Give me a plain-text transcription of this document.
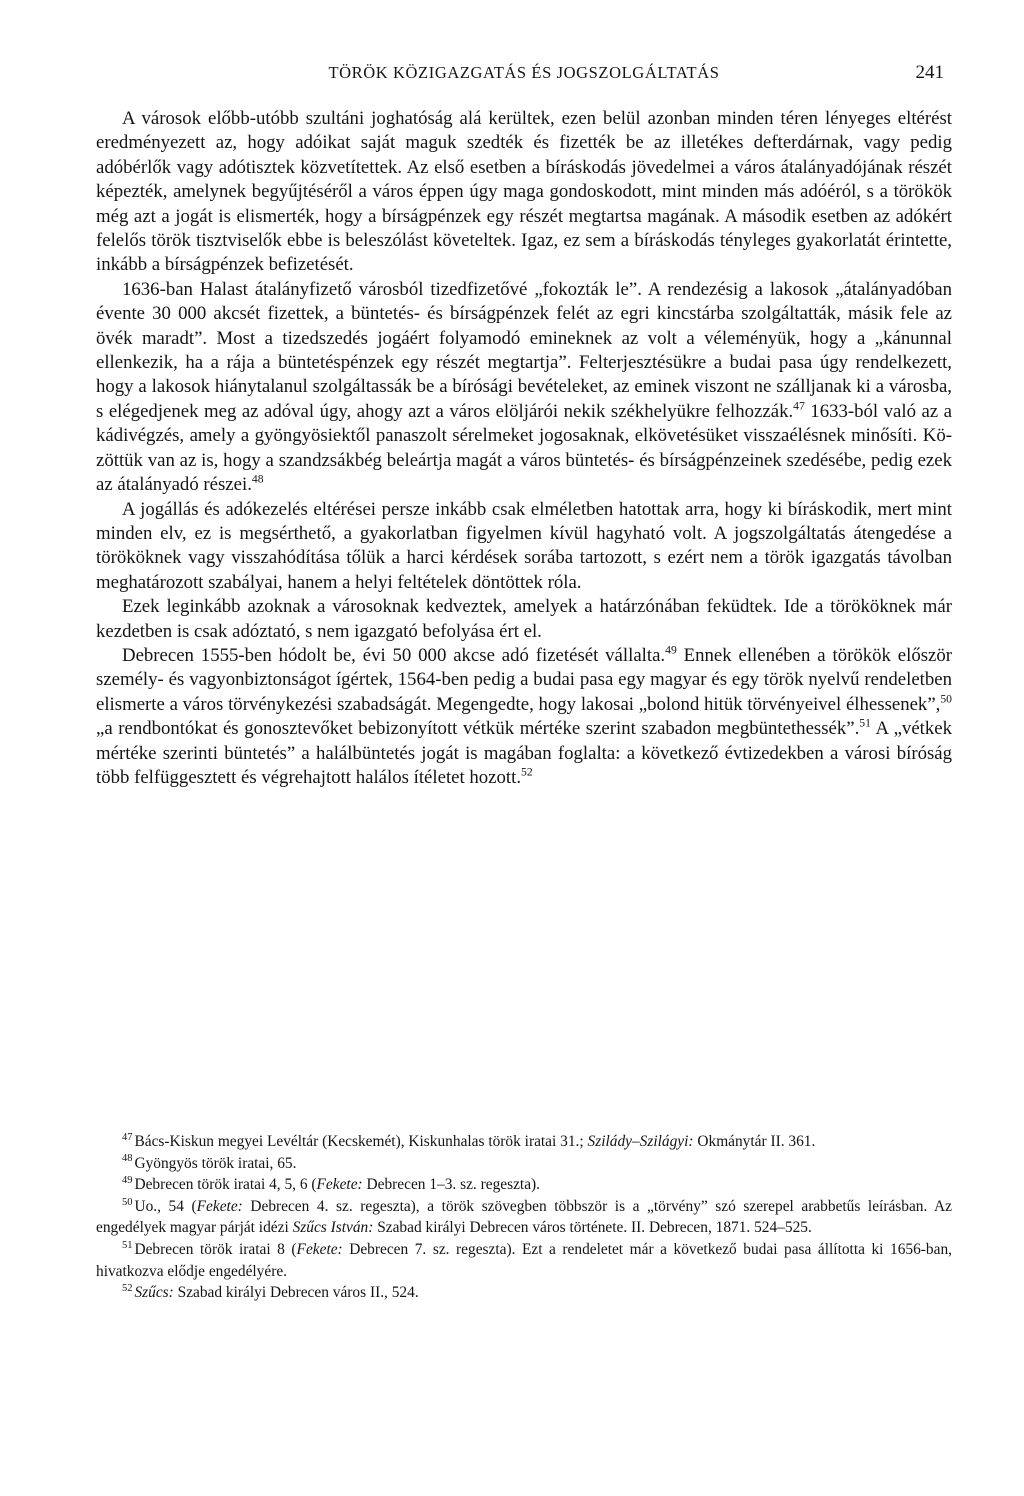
TÖRÖK KÖZIGAZGATÁS ÉS JOGSZOLGÁLTATÁS	241

A városok előbb-utóbb szultáni joghatóság alá kerültek, ezen belül azonban minden téren lényeges eltérést eredményezett az, hogy adóikat saját maguk szedték és fizették be az illetékes defterdárnak, vagy pedig adóbérlők vagy adótisztek közvetítettek. Az első esetben a bíráskodás jövedelmei a város átalányadójának részét képezték, amelynek begyűjtéséről a város éppen úgy maga gondoskodott, mint minden más adóéról, s a törökök még azt a jogát is elismerték, hogy a bírságpénzek egy részét megtartsa magának. A második esetben az adókért felelős török tisztviselők ebbe is beleszólást követeltek. Igaz, ez sem a bíráskodás tényleges gyakorlatát érintette, inkább a bírságpénzek befizetését.

1636-ban Halast átalányfizető városból tizedfizetővé „fokozták le”. A rendezésig a lakosok „átalányadóban évente 30 000 akcsét fizettek, a büntetés- és bírságpénzek felét az egri kincstárba szolgáltatták, másik fele az övék maradt”. Most a tizedszedés jogáért folyamodó emineknek az volt a véleményük, hogy a „kánunnal ellenkezik, ha a rája a büntetéspénzek egy részét megtartja”. Felterjesztésükre a budai pasa úgy rendelkezett, hogy a lakosok hiánytalanul szolgáltassák be a bírósági bevételeket, az eminek viszont ne szálljanak ki a városba, s elégedjenek meg az adóval úgy, ahogy azt a város elöljárói nekik székhelyükre felhozzák.$^{47}$ 1633-ból való az a kádivégzés, amely a gyöngyösiektől panaszolt sérelmeket jogosaknak, elkövetésüket visszaélésnek minősíti. Közöttük van az is, hogy a szandzsákbég beleártja magát a város büntetés- és bírságpénzeinek szedésébe, pedig ezek az átalányadó részei.$^{48}$

A jogállás és adókezelés eltérései persze inkább csak elméletben hatottak arra, hogy ki bíráskodik, mert mint minden elv, ez is megsérthető, a gyakorlatban figyelmen kívül hagyható volt. A jogszolgáltatás átengedése a törököknek vagy visszahódítása tőlük a harci kérdések sorába tartozott, s ezért nem a török igazgatás távolban meghatározott szabályai, hanem a helyi feltételek döntöttek róla.

Ezek leginkább azoknak a városoknak kedveztek, amelyek a határzónában feküdtek. Ide a törököknek már kezdetben is csak adóztató, s nem igazgató befolyása ért el.

Debrecen 1555-ben hódolt be, évi 50 000 akcse adó fizetését vállalta.$^{49}$ Ennek ellenében a törökök először személy- és vagyonbiztonságot ígértek, 1564-ben pedig a budai pasa egy magyar és egy török nyelvű rendeletben elismerte a város törvénykezési szabadságát. Megengedte, hogy lakosai „bolond hitük törvényeivel élhessenek”,$^{50}$ „a rendbontókat és gonosztevőket bebizonyított vétkük mértéke szerint szabadon megbüntethessék”.$^{51}$ A „vétkek mértéke szerinti büntetés” a halálbüntetés jogát is magában foglalta: a következő évtizedekben a városi bíróság több felfüggesztett és végrehajtott halálos ítéletet hozott.$^{52}$

$^{47}$ Bács-Kiskun megyei Levéltár (Kecskemét), Kiskunhalas török iratai 31.; Sziládу–Szilágyi: Okmánytár II. 361.

$^{48}$ Gyöngyös török iratai, 65.

$^{49}$ Debrecen török iratai 4, 5, 6 (Fekete: Debrecen 1–3. sz. regeszta).

$^{50}$ Uo., 54 (Fekete: Debrecen 4. sz. regeszta), a török szövegben többször is a „törvény” szó szerepel arabbetűs leírásban. Az engedélyek magyar párját idézi Szűcs István: Szabad királyi Debrecen város története. II. Debrecen, 1871. 524–525.

$^{51}$ Debrecen török iratai 8 (Fekete: Debrecen 7. sz. regeszta). Ezt a rendeletet már a következő budai pasa állította ki 1656-ban, hivatkozva elődje engedélyére.

$^{52}$ Szűcs: Szabad királyi Debrecen város II., 524.
